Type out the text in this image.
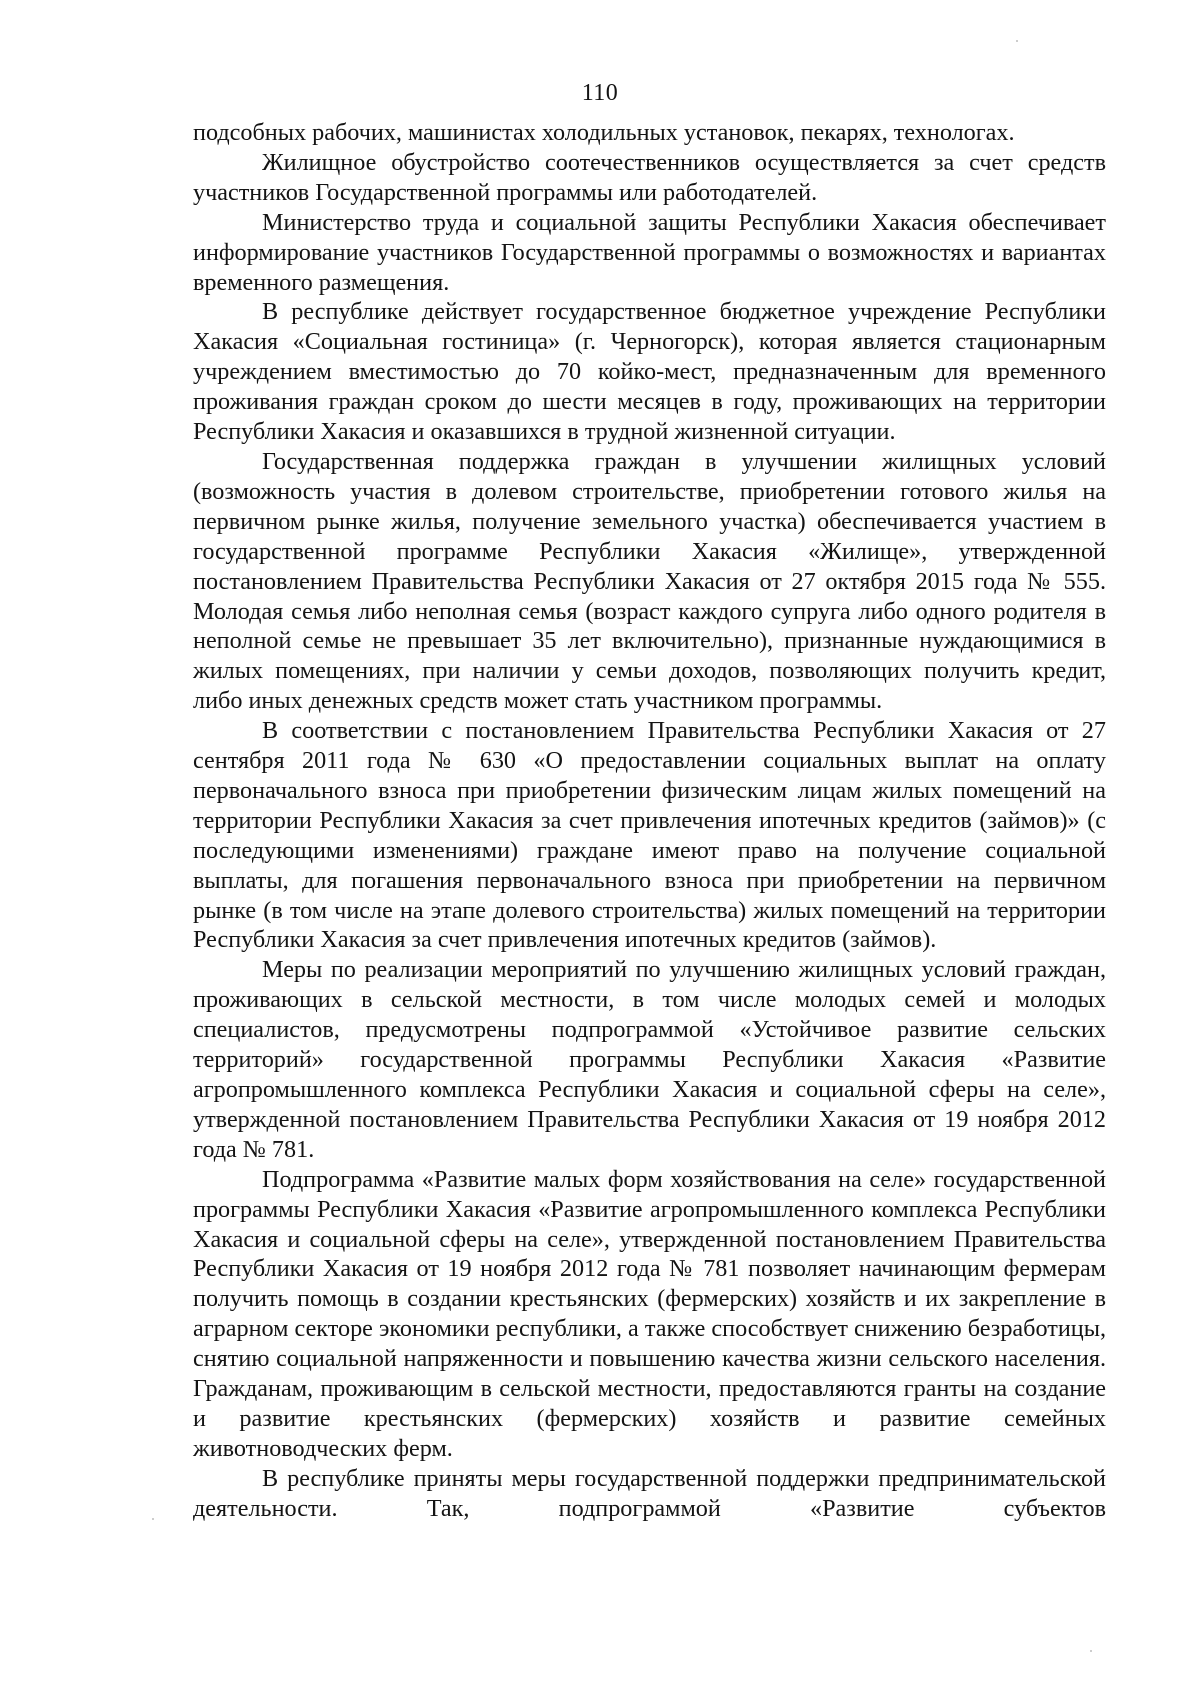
110

подсобных рабочих, машинистах холодильных установок, пекарях, технологах.

Жилищное обустройство соотечественников осуществляется за счет средств участников Государственной программы или работодателей.

Министерство труда и социальной защиты Республики Хакасия обеспечивает информирование участников Государственной программы о возможностях и вариантах временного размещения.

В республике действует государственное бюджетное учреждение Республики Хакасия «Социальная гостиница» (г. Черногорск), которая является стационарным учреждением вместимостью до 70 койко-мест, предназначенным для временного проживания граждан сроком до шести месяцев в году, проживающих на территории Республики Хакасия и оказавшихся в трудной жизненной ситуации.

Государственная поддержка граждан в улучшении жилищных условий (возможность участия в долевом строительстве, приобретении готового жилья на первичном рынке жилья, получение земельного участка) обеспечивается участием в государственной программе Республики Хакасия «Жилище», утвержденной постановлением Правительства Республики Хакасия от 27 октября 2015 года № 555. Молодая семья либо неполная семья (возраст каждого супруга либо одного родителя в неполной семье не превышает 35 лет включительно), признанные нуждающимися в жилых помещениях, при наличии у семьи доходов, позволяющих получить кредит, либо иных денежных средств может стать участником программы.

В соответствии с постановлением Правительства Республики Хакасия от 27 сентября 2011 года № 630 «О предоставлении социальных выплат на оплату первоначального взноса при приобретении физическим лицам жилых помещений на территории Республики Хакасия за счет привлечения ипотечных кредитов (займов)» (с последующими изменениями) граждане имеют право на получение социальной выплаты, для погашения первоначального взноса при приобретении на первичном рынке (в том числе на этапе долевого строительства) жилых помещений на территории Республики Хакасия за счет привлечения ипотечных кредитов (займов).

Меры по реализации мероприятий по улучшению жилищных условий граждан, проживающих в сельской местности, в том числе молодых семей и молодых специалистов, предусмотрены подпрограммой «Устойчивое развитие сельских территорий» государственной программы Республики Хакасия «Развитие агропромышленного комплекса Республики Хакасия и социальной сферы на селе», утвержденной постановлением Правительства Республики Хакасия от 19 ноября 2012 года № 781.

Подпрограмма «Развитие малых форм хозяйствования на селе» государственной программы Республики Хакасия «Развитие агропромышленного комплекса Республики Хакасия и социальной сферы на селе», утвержденной постановлением Правительства Республики Хакасия от 19 ноября 2012 года № 781 позволяет начинающим фермерам получить помощь в создании крестьянских (фермерских) хозяйств и их закрепление в аграрном секторе экономики республики, а также способствует снижению безработицы, снятию социальной напряженности и повышению качества жизни сельского населения. Гражданам, проживающим в сельской местности, предоставляются гранты на создание и развитие крестьянских (фермерских) хозяйств и развитие семейных животноводческих ферм.

В республике приняты меры государственной поддержки предпринимательской деятельности. Так, подпрограммой «Развитие субъектов
